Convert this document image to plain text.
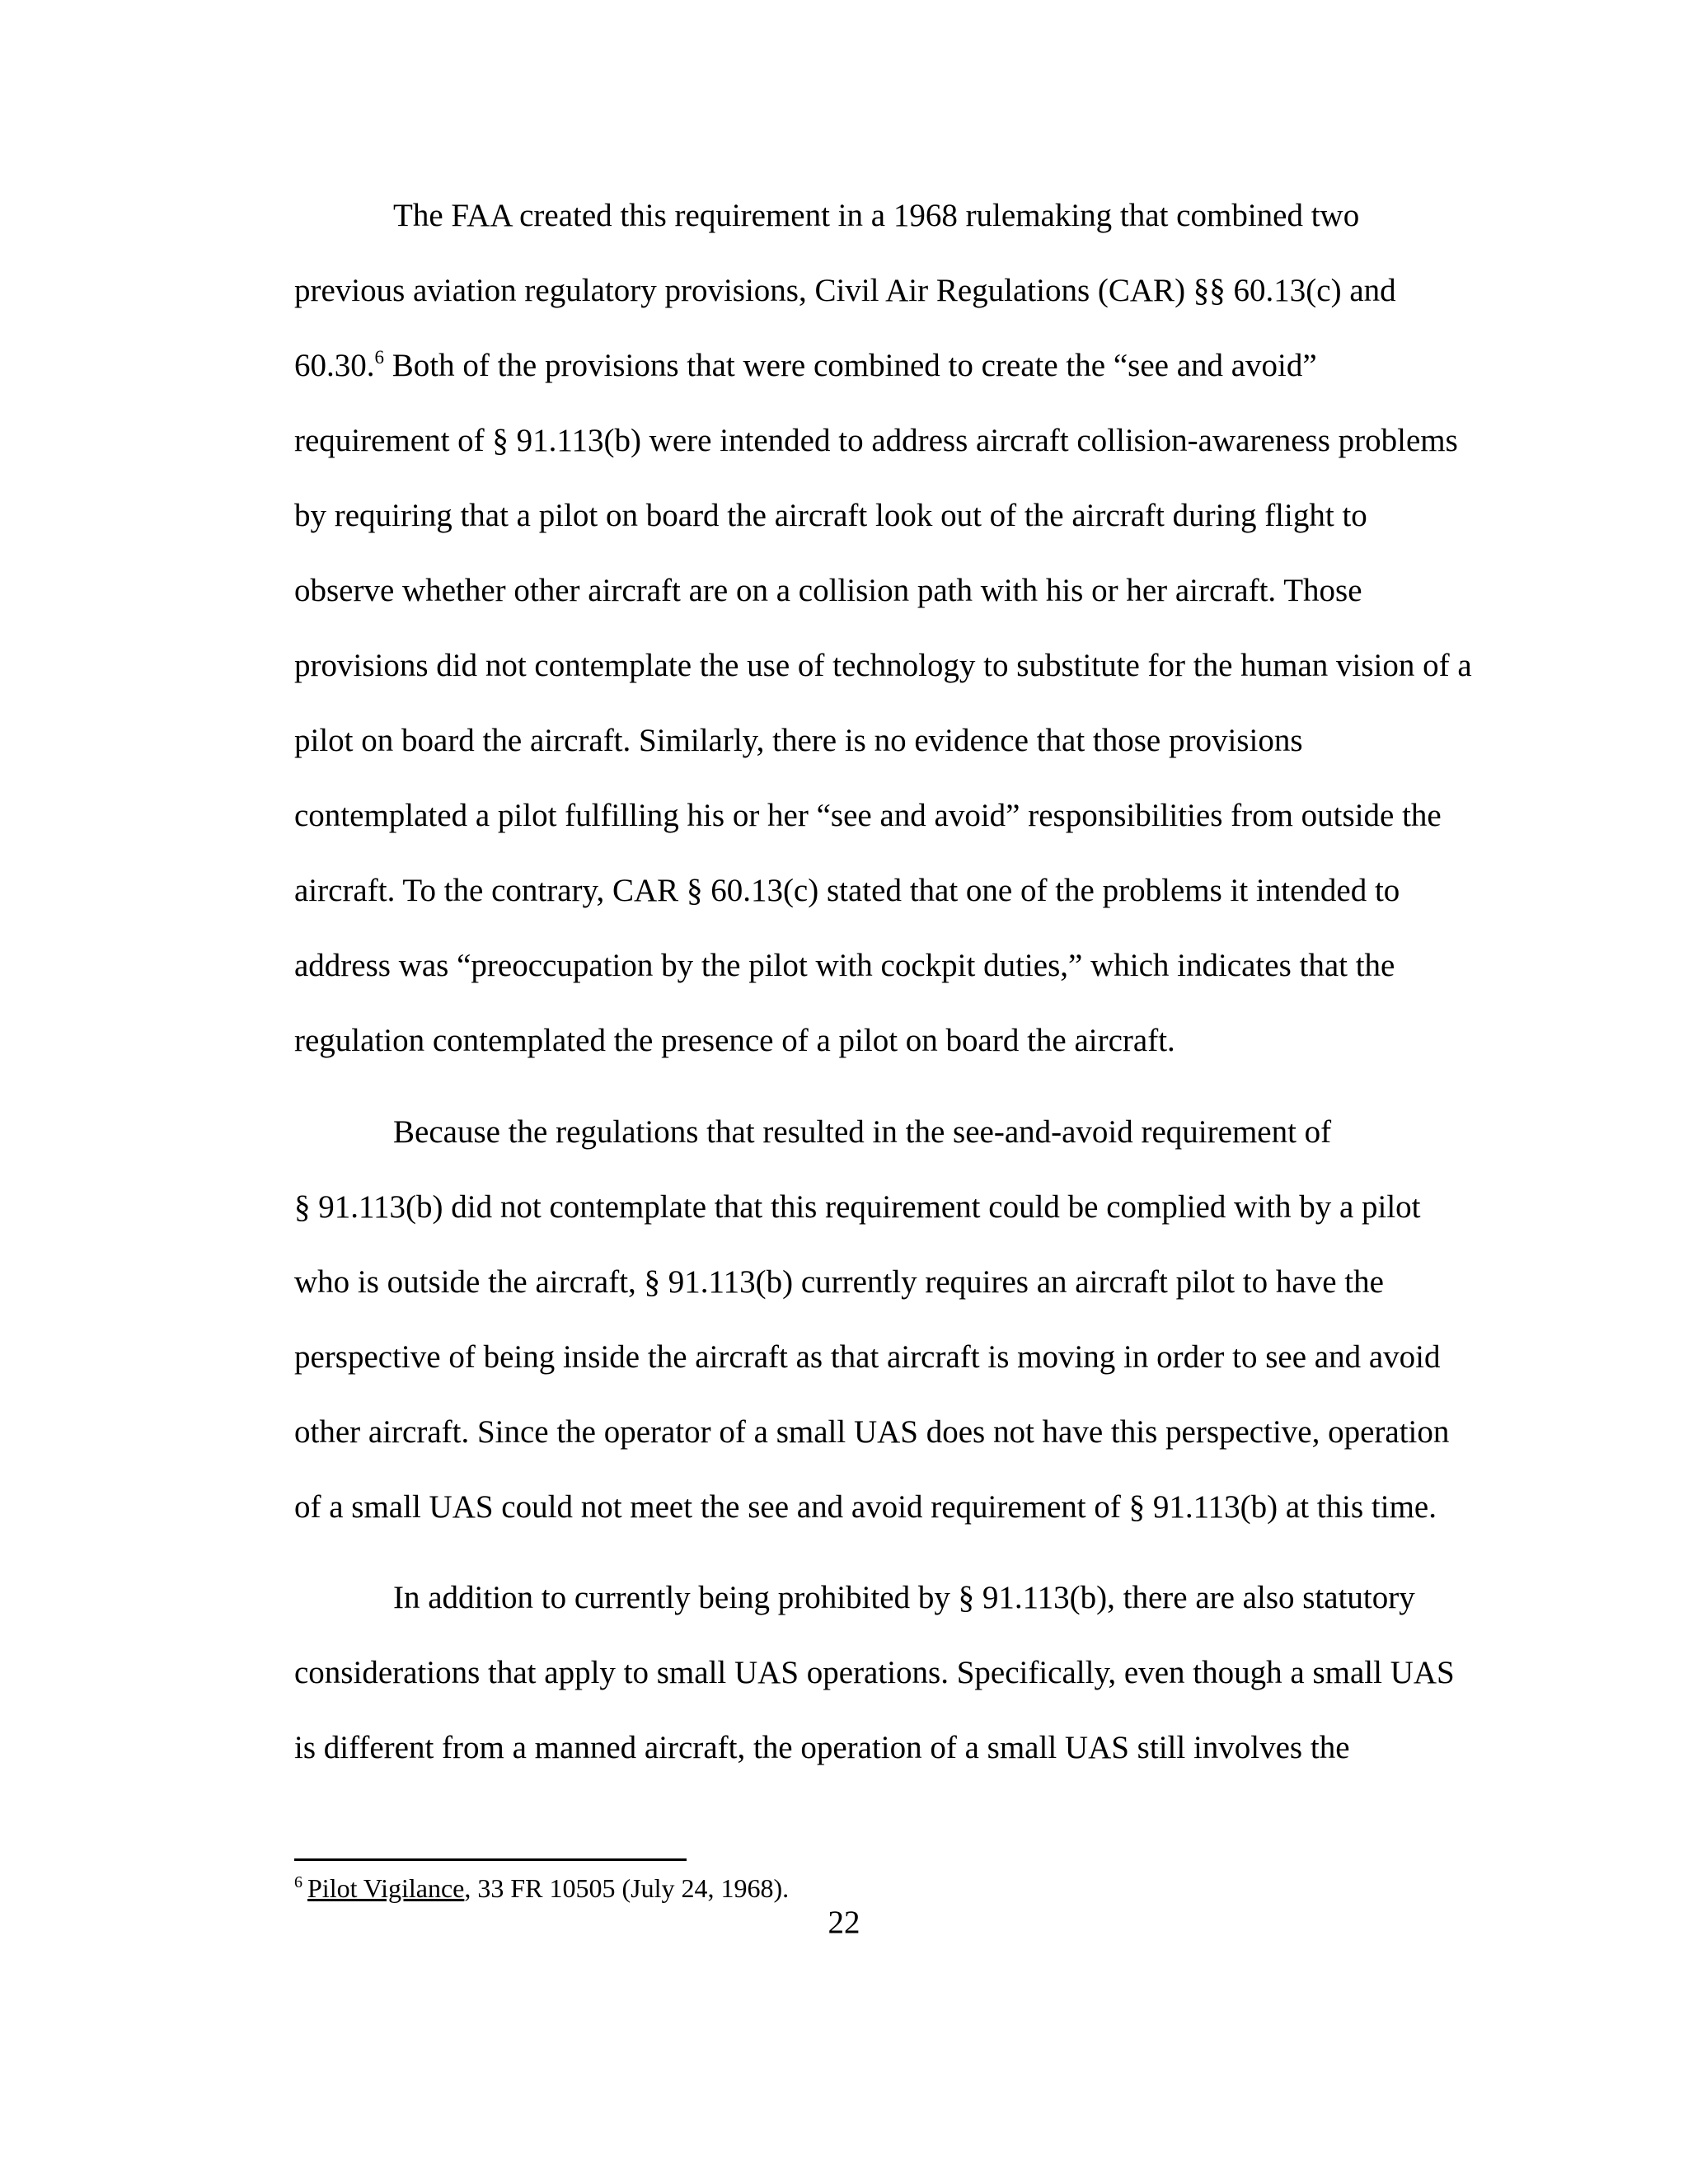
The FAA created this requirement in a 1968 rulemaking that combined two
previous aviation regulatory provisions, Civil Air Regulations (CAR) §§ 60.13(c) and
60.30.$^6$ Both of the provisions that were combined to create the “see and avoid”
requirement of § 91.113(b) were intended to address aircraft collision-awareness problems
by requiring that a pilot on board the aircraft look out of the aircraft during flight to
observe whether other aircraft are on a collision path with his or her aircraft. Those
provisions did not contemplate the use of technology to substitute for the human vision of a
pilot on board the aircraft. Similarly, there is no evidence that those provisions
contemplated a pilot fulfilling his or her “see and avoid” responsibilities from outside the
aircraft. To the contrary, CAR § 60.13(c) stated that one of the problems it intended to
address was “preoccupation by the pilot with cockpit duties,” which indicates that the
regulation contemplated the presence of a pilot on board the aircraft.
Because the regulations that resulted in the see-and-avoid requirement of
§ 91.113(b) did not contemplate that this requirement could be complied with by a pilot
who is outside the aircraft, § 91.113(b) currently requires an aircraft pilot to have the
perspective of being inside the aircraft as that aircraft is moving in order to see and avoid
other aircraft. Since the operator of a small UAS does not have this perspective, operation
of a small UAS could not meet the see and avoid requirement of § 91.113(b) at this time.
In addition to currently being prohibited by § 91.113(b), there are also statutory
considerations that apply to small UAS operations. Specifically, even though a small UAS
is different from a manned aircraft, the operation of a small UAS still involves the
$^6$ Pilot Vigilance, 33 FR 10505 (July 24, 1968).
22
